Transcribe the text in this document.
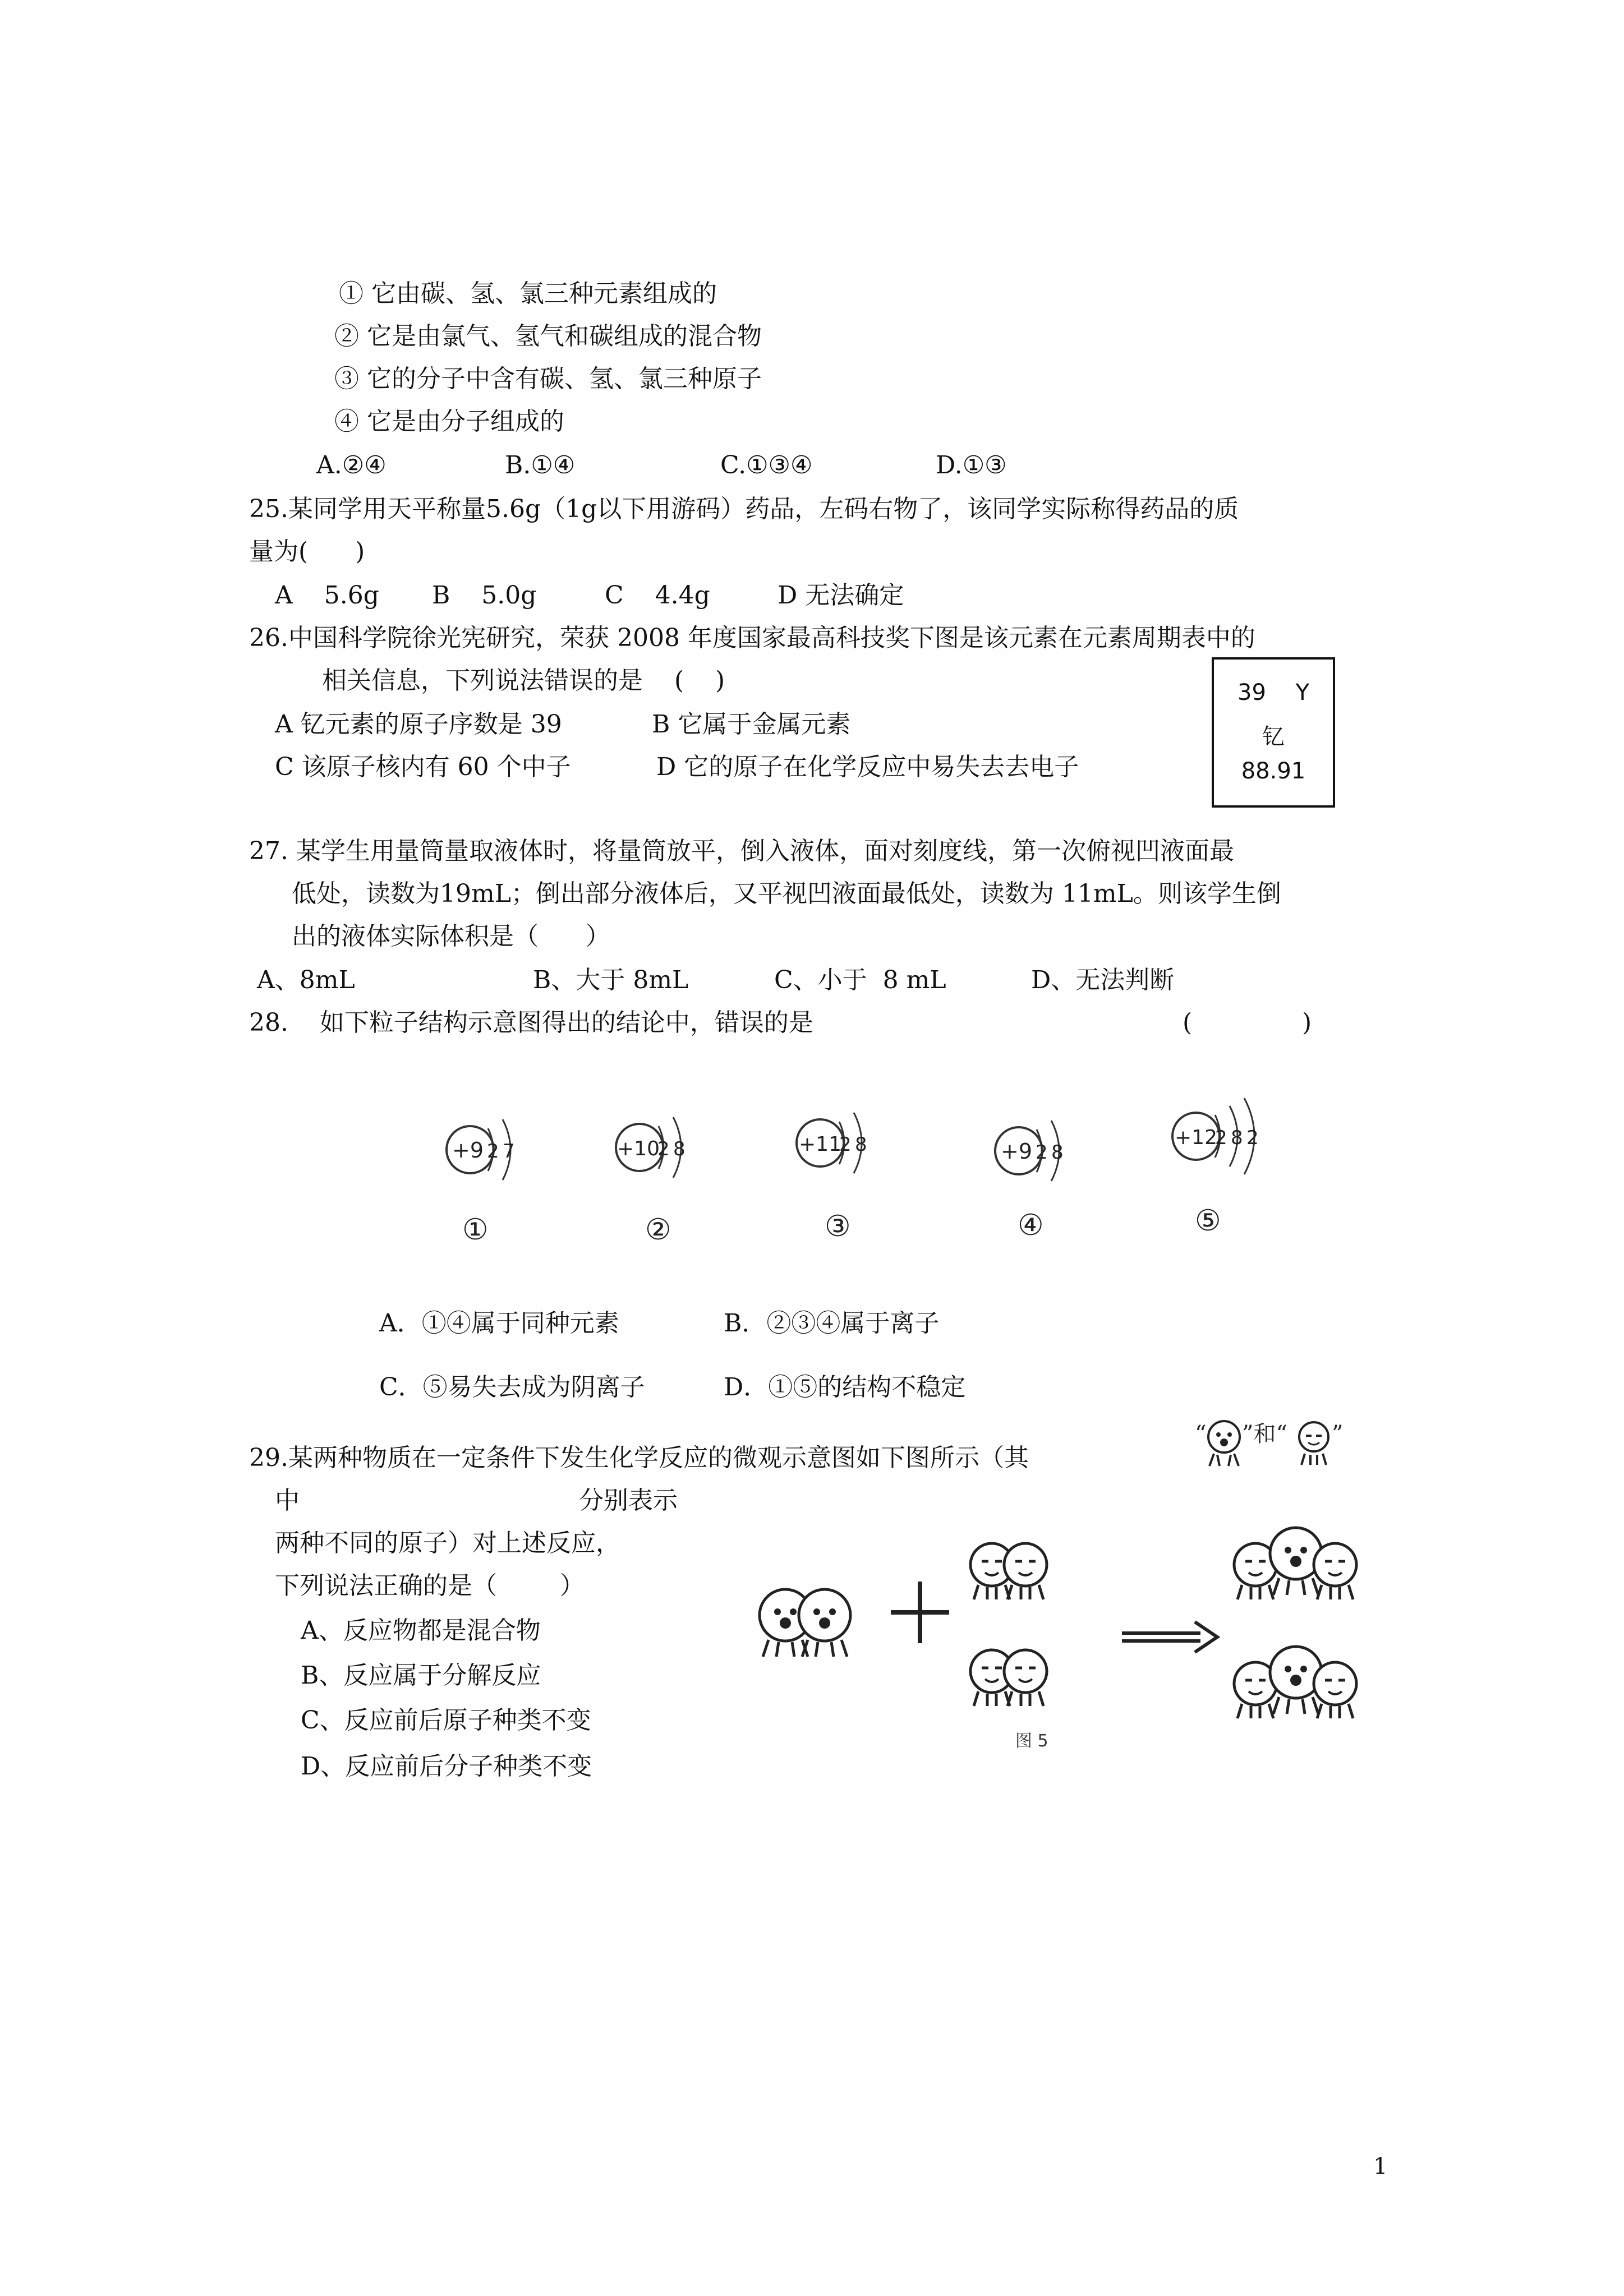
① 它由碳、氢、氯三种元素组成的
② 它是由氯气、氢气和碳组成的混合物
③ 它的分子中含有碳、氢、氯三种原子
④ 它是由分子组成的
A.②④	B.①④	C.①③④	D.①③
25.某同学用天平称量5.6g（1g以下用游码）药品，左码右物了，该同学实际称得药品的质
量为(      )
A    5.6g B    5.0g	C    4.4g	D 无法确定
26.中国科学院徐光宪研究，荣获 2008 年度国家最高科技奖下图是该元素在元素周期表中的
相关信息，下列说法错误的是    (    )
A 钇元素的原子序数是 39	B 它属于金属元素
C 该原子核内有 60 个中子	D 它的原子在化学反应中易失去去电子
39	Y
钇
88.91
27. 某学生用量筒量取液体时，将量筒放平，倒入液体，面对刻度线，第一次俯视凹液面最
低处，读数为19mL；倒出部分液体后，又平视凹液面最低处，读数为 11mL。则该学生倒
出的液体实际体积是（      ）
A、8mL	B、大于 8mL	C、小于  8 mL	D、无法判断
28.    如下粒子结构示意图得出的结论中，错误的是	(              )
+9 2 7
①
+10
2 8
②
+11
2 8
③
+9 2 8
④
+12
2 8 2
⑤
A．①④属于同种元素	B．②③④属于离子
C．⑤易失去成为阴离子	D．①⑤的结构不稳定
29.某两种物质在一定条件下发生化学反应的微观示意图如下图所示（其
“ ”和“ ”
中	分别表示
两种不同的原子）对上述反应，
下列说法正确的是（        ）
A、反应物都是混合物
B、反应属于分解反应
C、反应前后原子种类不变
D、反应前后分子种类不变
图 5
1
